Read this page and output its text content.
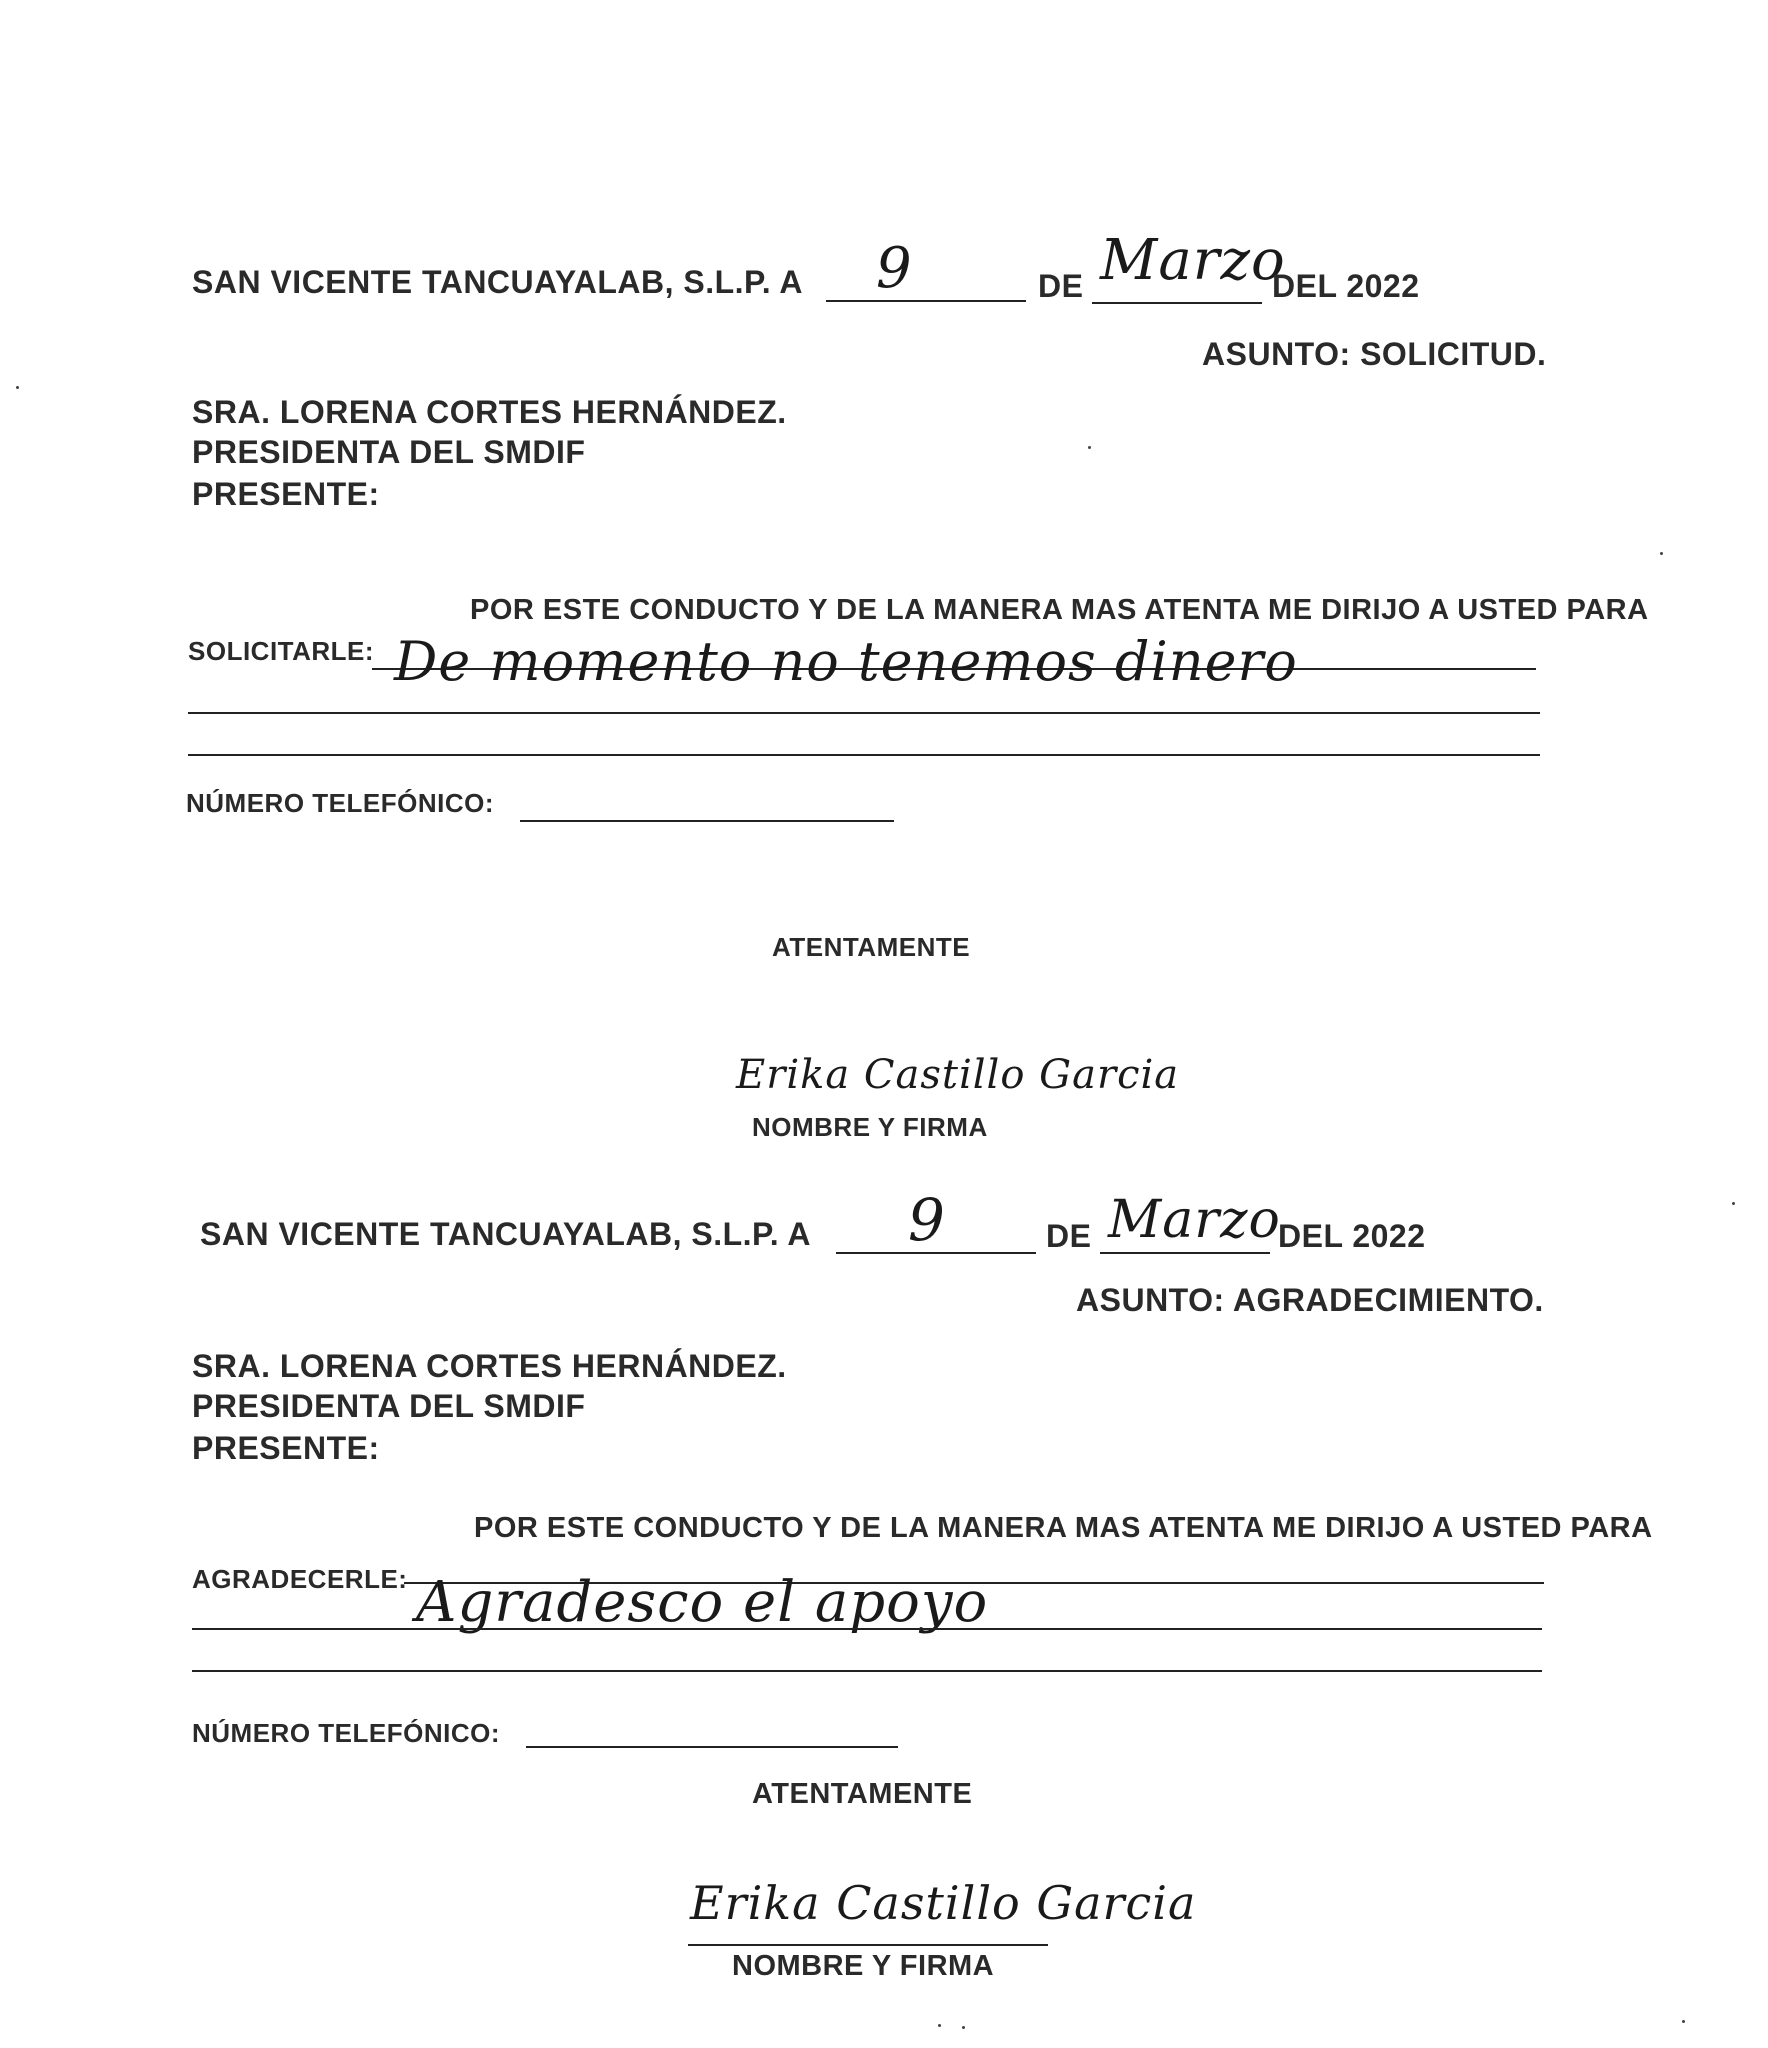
SAN VICENTE TANCUAYALAB, S.L.P. A 9	DE Marzo
DEL 2022
ASUNTO: SOLICITUD.
SRA. LORENA CORTES HERNÁNDEZ.
PRESIDENTA DEL SMDIF
PRESENTE:
POR ESTE CONDUCTO Y DE LA MANERA MAS ATENTA ME DIRIJO A USTED PARA
SOLICITARLE: De momento no tenemos dinero
NÚMERO TELEFÓNICO:
ATENTAMENTE
Erika Castillo Garcia
NOMBRE Y FIRMA
SAN VICENTE TANCUAYALAB, S.L.P. A 9	DE Marzo
DEL 2022
ASUNTO: AGRADECIMIENTO.
SRA. LORENA CORTES HERNÁNDEZ.
PRESIDENTA DEL SMDIF
PRESENTE:
POR ESTE CONDUCTO Y DE LA MANERA MAS ATENTA ME DIRIJO A USTED PARA
AGRADECERLE: Agradesco el apoyo
NÚMERO TELEFÓNICO:
ATENTAMENTE
Erika Castillo Garcia
NOMBRE Y FIRMA
